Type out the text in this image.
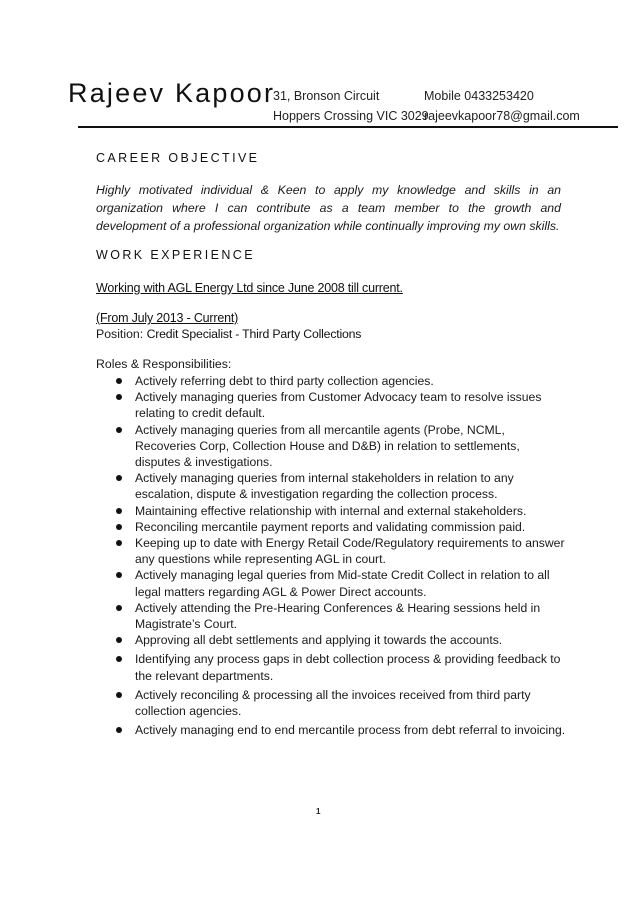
Rajeev Kapoor
31, Bronson Circuit
Hoppers Crossing VIC 3029
Mobile 0433253420
rajeevkapoor78@gmail.com
CAREER OBJECTIVE
Highly motivated individual & Keen to apply my knowledge and skills in an organization where I can contribute as a team member to the growth and development of a professional organization while continually improving my own skills.
WORK EXPERIENCE
Working with AGL Energy Ltd since June 2008 till current.
(From July 2013 - Current)
Position: Credit Specialist - Third Party Collections
Roles & Responsibilities:
Actively referring debt to third party collection agencies.
Actively managing queries from Customer Advocacy team to resolve issues relating to credit default.
Actively managing queries from all mercantile agents (Probe, NCML, Recoveries Corp, Collection House and D&B) in relation to settlements, disputes & investigations.
Actively managing queries from internal stakeholders in relation to any escalation, dispute & investigation regarding the collection process.
Maintaining effective relationship with internal and external stakeholders.
Reconciling mercantile payment reports and validating commission paid.
Keeping up to date with Energy Retail Code/Regulatory requirements to answer any questions while representing AGL in court.
Actively managing legal queries from Mid-state Credit Collect in relation to all legal matters regarding AGL & Power Direct accounts.
Actively attending the Pre-Hearing Conferences & Hearing sessions held in Magistrate’s Court.
Approving all debt settlements and applying it towards the accounts.
Identifying any process gaps in debt collection process & providing feedback to the relevant departments.
Actively reconciling & processing all the invoices received from third party collection agencies.
Actively managing end to end mercantile process from debt referral to invoicing.
1
